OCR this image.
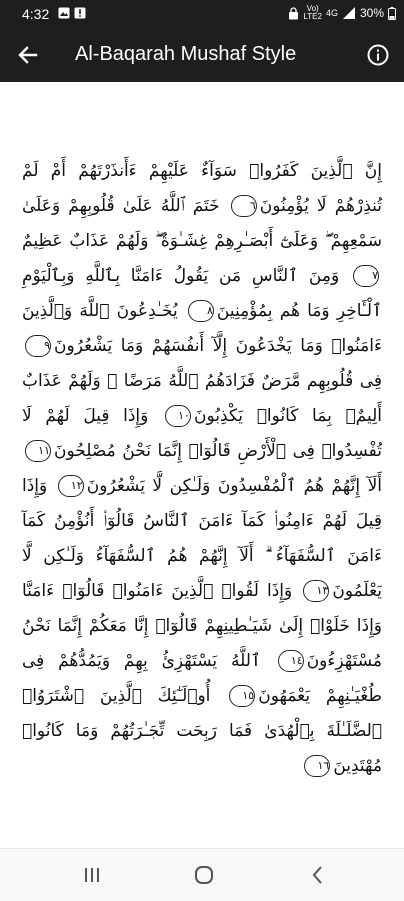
4:32	Vo)
LTE2 4G 30%
Al-Baqarah Mushaf Style
إِنَّ ٱلَّذِينَ كَفَرُوا۟ سَوَآءٌ عَلَيْهِمْ ءَأَنذَرْتَهُمْ أَمْ لَمْ تُنذِرْهُمْ لَا يُؤْمِنُونَ٦ خَتَمَ ٱللَّهُ عَلَىٰ قُلُوبِهِمْ وَعَلَىٰ سَمْعِهِمْ ۖ وَعَلَىٰٓ أَبْصَـٰرِهِمْ غِشَـٰوَةٌ ۖ وَلَهُمْ عَذَابٌ عَظِيمٌ٧ وَمِنَ ٱلنَّاسِ مَن يَقُولُ ءَامَنَّا بِٱللَّهِ وَبِٱلْيَوْمِ ٱلْـَٔاخِرِ وَمَا هُم بِمُؤْمِنِينَ٨ يُخَـٰدِعُونَ ٱللَّهَ وَٱلَّذِينَ ءَامَنُوا۟ وَمَا يَخْدَعُونَ إِلَّآ أَنفُسَهُمْ وَمَا يَشْعُرُونَ٩ فِى قُلُوبِهِم مَّرَضٌ فَزَادَهُمُ ٱللَّهُ مَرَضًا ۖ وَلَهُمْ عَذَابٌ أَلِيمٌۢ بِمَا كَانُوا۟ يَكْذِبُونَ١٠ وَإِذَا قِيلَ لَهُمْ لَا تُفْسِدُوا۟ فِى ٱلْأَرْضِ قَالُوٓا۟ إِنَّمَا نَحْنُ مُصْلِحُونَ١١ أَلَآ إِنَّهُمْ هُمُ ٱلْمُفْسِدُونَ وَلَـٰكِن لَّا يَشْعُرُونَ١٢ وَإِذَا قِيلَ لَهُمْ ءَامِنُوا۟ كَمَآ ءَامَنَ ٱلنَّاسُ قَالُوٓا۟ أَنُؤْمِنُ كَمَآ ءَامَنَ ٱلسُّفَهَآءُ ۗ أَلَآ إِنَّهُمْ هُمُ ٱلسُّفَهَآءُ وَلَـٰكِن لَّا يَعْلَمُونَ١٣ وَإِذَا لَقُوا۟ ٱلَّذِينَ ءَامَنُوا۟ قَالُوٓا۟ ءَامَنَّا وَإِذَا خَلَوْا۟ إِلَىٰ شَيَـٰطِينِهِمْ قَالُوٓا۟ إِنَّا مَعَكُمْ إِنَّمَا نَحْنُ مُسْتَهْزِءُونَ١٤ ٱللَّهُ يَسْتَهْزِئُ بِهِمْ وَيَمُدُّهُمْ فِى طُغْيَـٰنِهِمْ يَعْمَهُونَ١٥ أُو۟لَـٰٓئِكَ ٱلَّذِينَ ٱشْتَرَوُا۟ ٱلضَّلَـٰلَةَ بِٱلْهُدَىٰ فَمَا رَبِحَت تِّجَـٰرَتُهُمْ وَمَا كَانُوا۟ مُهْتَدِينَ١٦
